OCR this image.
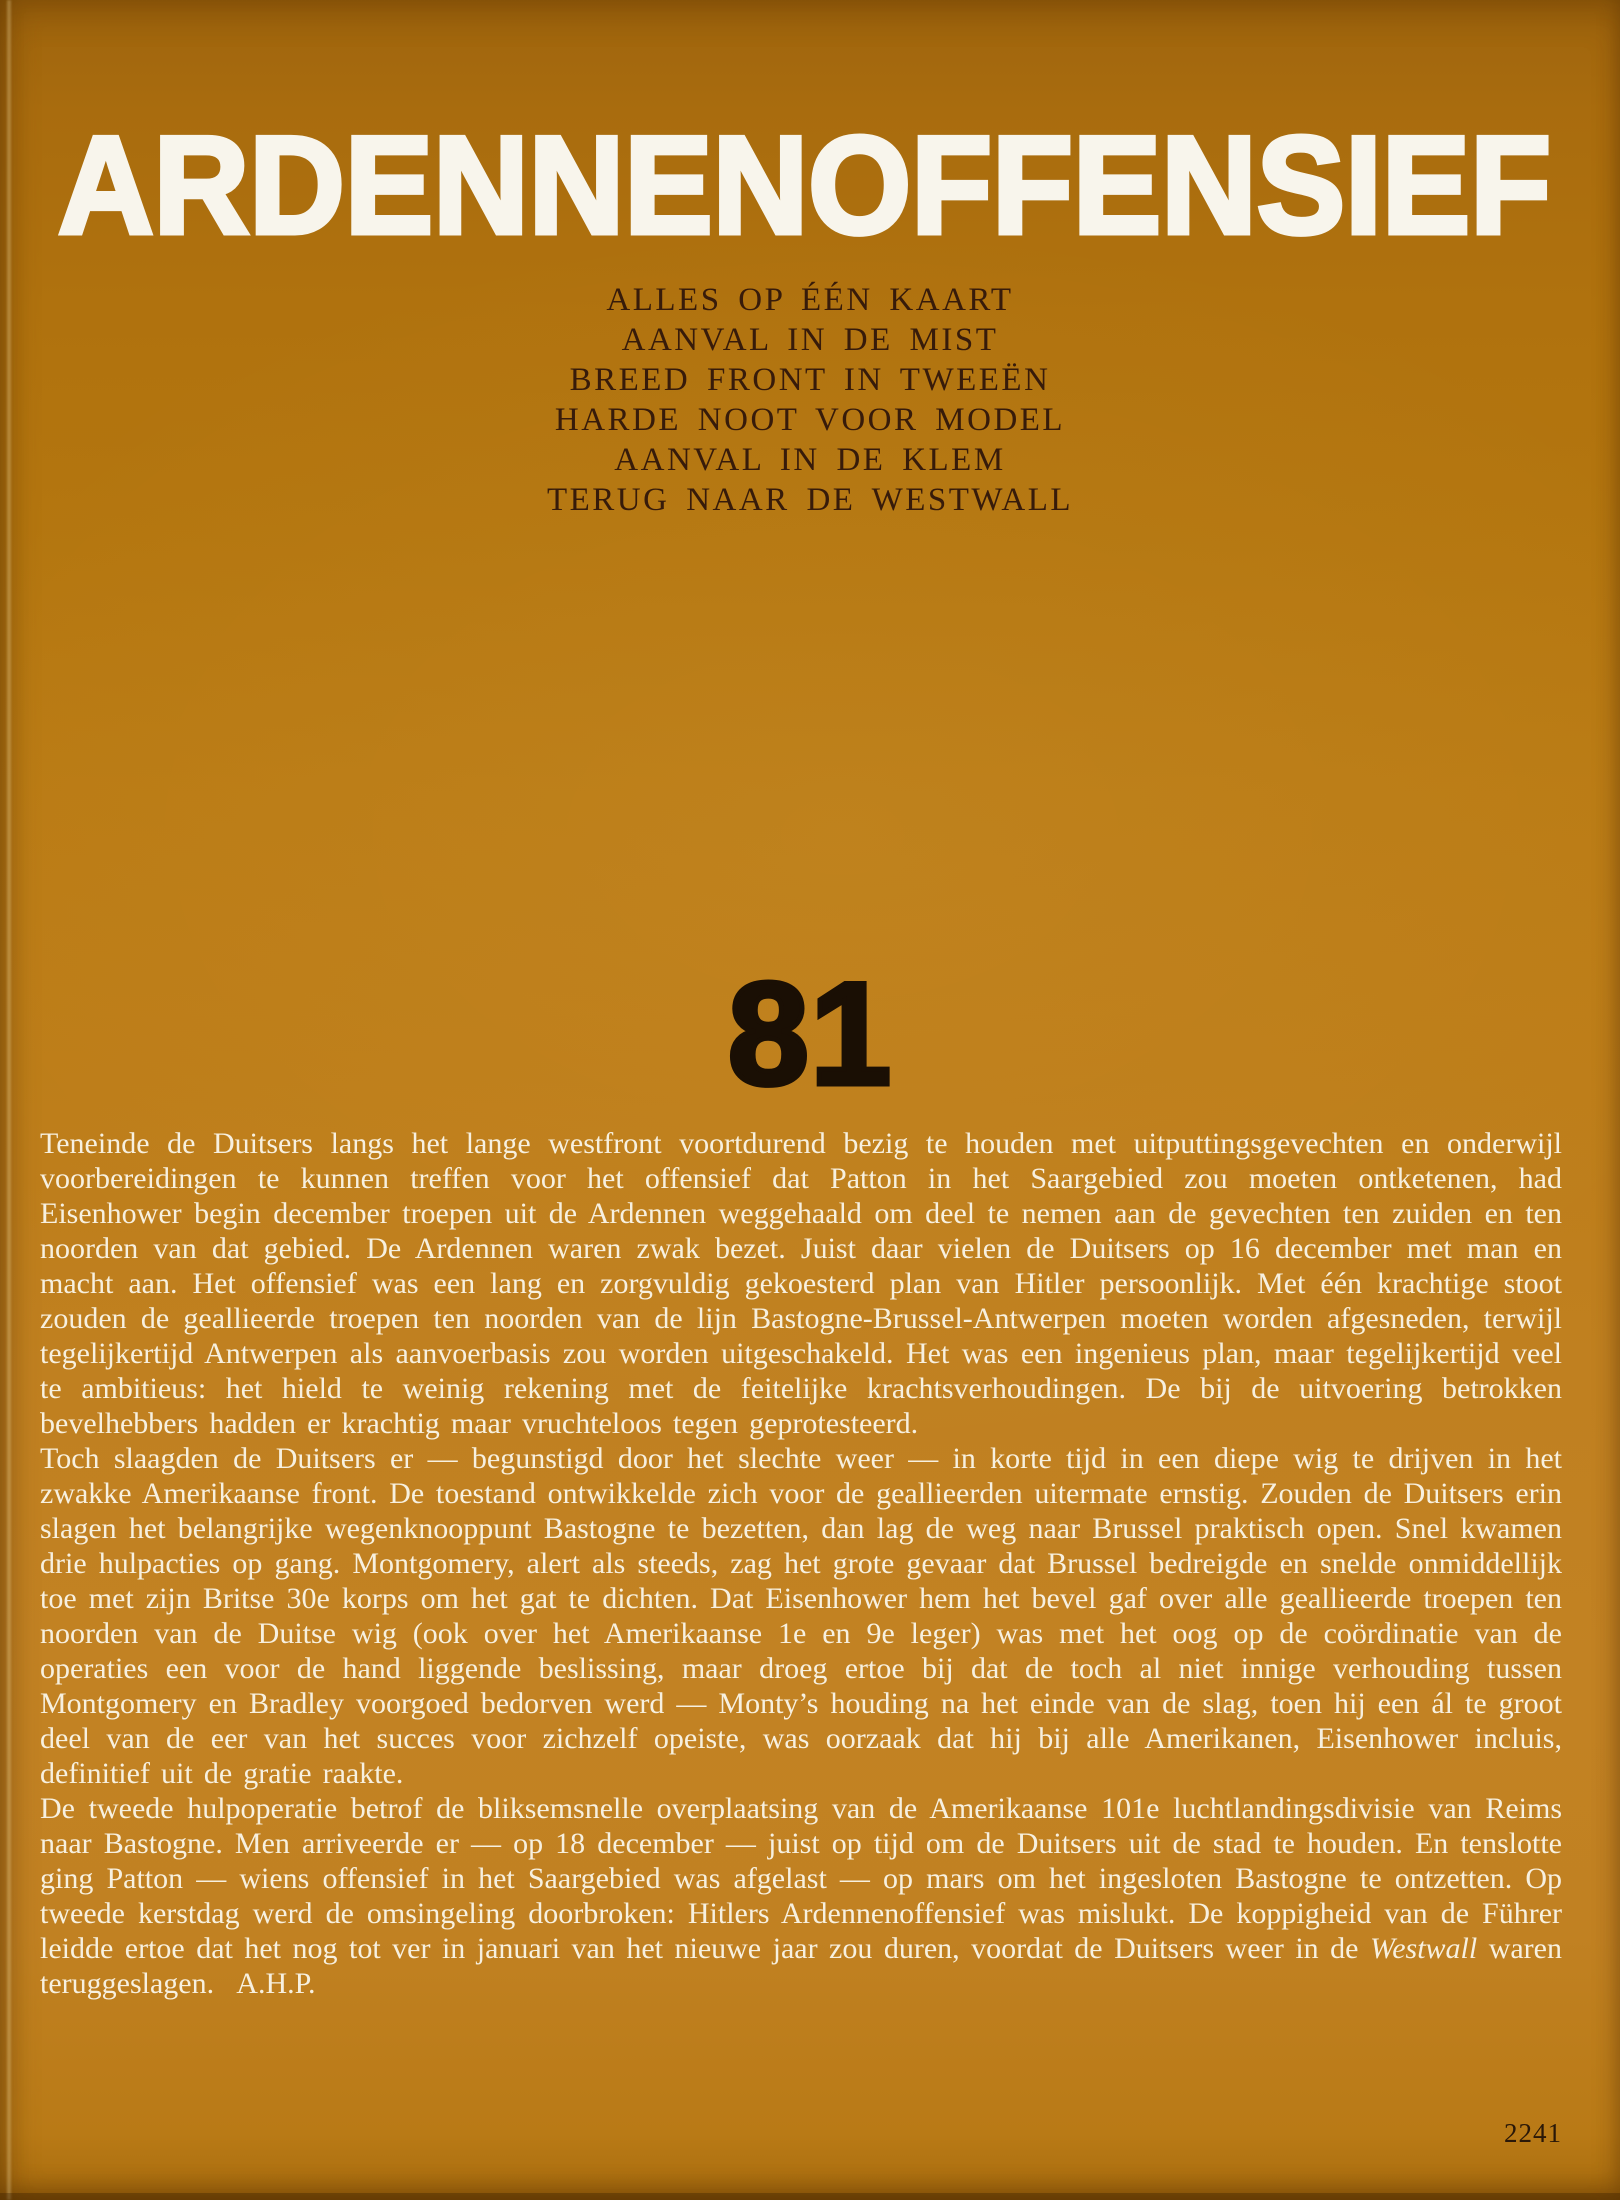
ARDENNENOFFENSIEF
ALLES OP ÉÉN KAART
AANVAL IN DE MIST
BREED FRONT IN TWEEËN
HARDE NOOT VOOR MODEL
AANVAL IN DE KLEM
TERUG NAAR DE WESTWALL
81

Teneinde de Duitsers langs het lange westfront voortdurend bezig te houden met uitputtingsgevechten en onderwijl voorbereidingen te kunnen treffen voor het offensief dat Patton in het Saargebied zou moeten ontketenen, had Eisenhower begin december troepen uit de Ardennen weggehaald om deel te nemen aan de gevechten ten zuiden en ten noorden van dat gebied. De Ardennen waren zwak bezet. Juist daar vielen de Duitsers op 16 december met man en macht aan. Het offensief was een lang en zorgvuldig gekoesterd plan van Hitler persoonlijk. Met één krachtige stoot zouden de geallieerde troepen ten noorden van de lijn Bastogne-Brussel-Antwerpen moeten worden afgesneden, terwijl tegelijkertijd Antwerpen als aanvoerbasis zou worden uitgeschakeld. Het was een ingenieus plan, maar tegelijkertijd veel te ambitieus: het hield te weinig rekening met de feitelijke krachtsverhoudingen. De bij de uitvoering betrokken bevelhebbers hadden er krachtig maar vruchteloos tegen geprotesteerd.

Toch slaagden de Duitsers er — begunstigd door het slechte weer — in korte tijd in een diepe wig te drijven in het zwakke Amerikaanse front. De toestand ontwikkelde zich voor de geallieerden uitermate ernstig. Zouden de Duitsers erin slagen het belangrijke wegenknooppunt Bastogne te bezetten, dan lag de weg naar Brussel praktisch open. Snel kwamen drie hulpacties op gang. Montgomery, alert als steeds, zag het grote gevaar dat Brussel bedreigde en snelde onmiddellijk toe met zijn Britse 30e korps om het gat te dichten. Dat Eisenhower hem het bevel gaf over alle geallieerde troepen ten noorden van de Duitse wig (ook over het Amerikaanse 1e en 9e leger) was met het oog op de coördinatie van de operaties een voor de hand liggende beslissing, maar droeg ertoe bij dat de toch al niet innige verhouding tussen Montgomery en Bradley voorgoed bedorven werd — Monty’s houding na het einde van de slag, toen hij een ál te groot deel van de eer van het succes voor zichzelf opeiste, was oorzaak dat hij bij alle Amerikanen, Eisenhower incluis, definitief uit de gratie raakte.

De tweede hulpoperatie betrof de bliksemsnelle overplaatsing van de Amerikaanse 101e luchtlandingsdivisie van Reims naar Bastogne. Men arriveerde er — op 18 december — juist op tijd om de Duitsers uit de stad te houden. En tenslotte ging Patton — wiens offensief in het Saargebied was afgelast — op mars om het ingesloten Bastogne te ontzetten. Op tweede kerstdag werd de omsingeling doorbroken: Hitlers Ardennenoffensief was mislukt. De koppigheid van de Führer leidde ertoe dat het nog tot ver in januari van het nieuwe jaar zou duren, voordat de Duitsers weer in de Westwall waren teruggeslagen.  A.H.P.

2241
